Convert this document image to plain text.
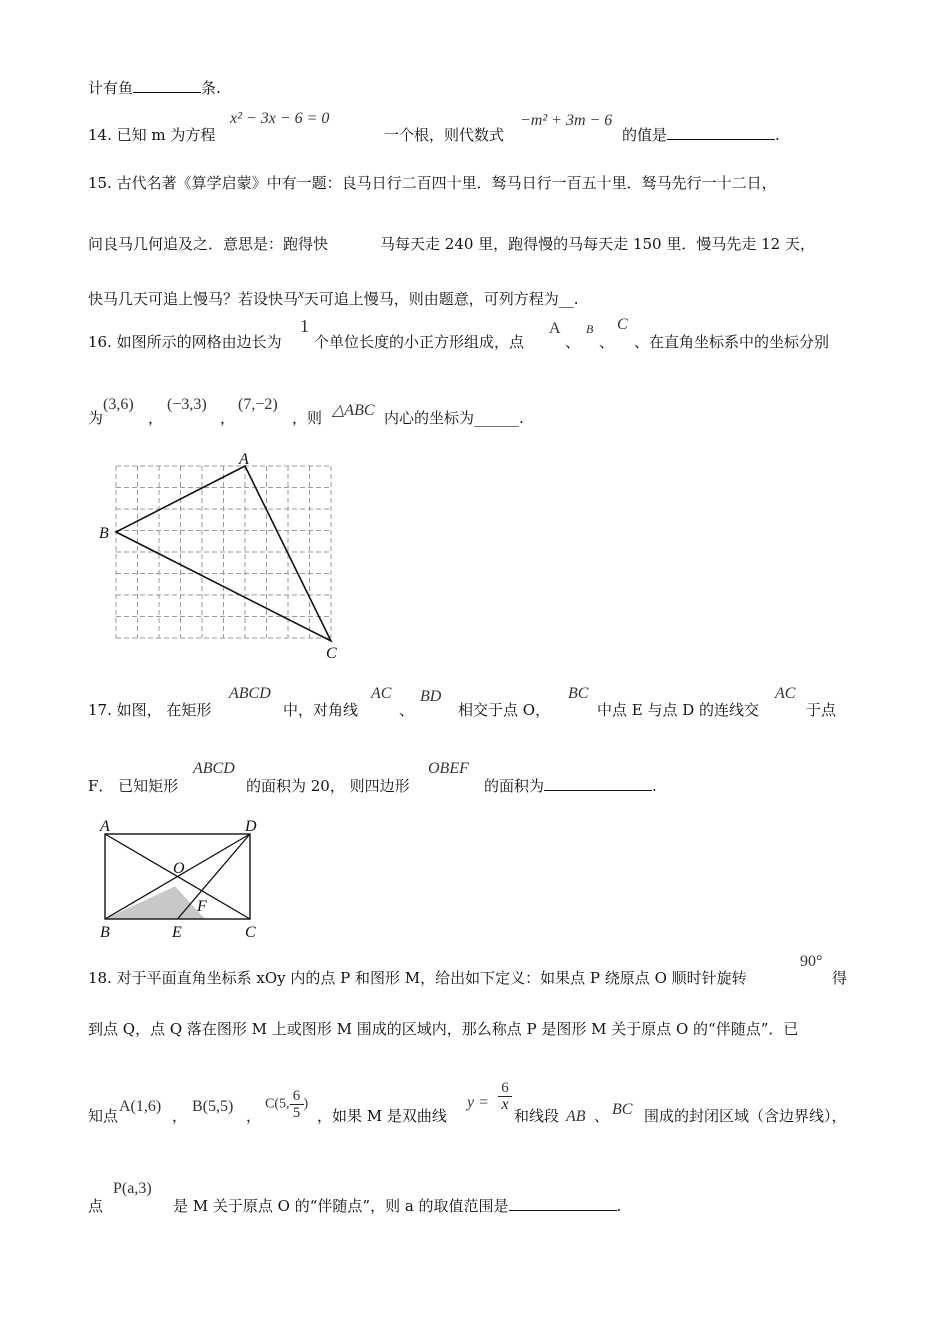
计有鱼	条.
14. 已知 m 为方程
x² − 3x − 6 = 0
一个根，则代数式
−m² + 3m − 6
的值是	.
15. 古代名著《算学启蒙》中有一题：良马日行二百四十里．驽马日行一百五十里．驽马先行一十二日，
问良马几何追及之．意思是：跑得快	马每天走 240 里，跑得慢的马每天走 150 里．慢马先走 12 天，
快马几天可追上慢马？若设快马$^x$天可追上慢马，则由题意，可列方程为__.
16. 如图所示的网格由边长为
1
个单位长度的小正方形组成，点
A
、
B
、
C
、在直角坐标系中的坐标分别
为
(3,6)
，
(−3,3)
，
(7,−2)
，则 △ABC 内心的坐标为______.
A
B
C
17. 如图， 在矩形
ABCD
中，对角线
AC
、
BD
相交于点 O，
BC
中点 E 与点 D 的连线交
AC
于点
F． 已知矩形
ABCD
的面积为 20， 则四边形
OBEF
的面积为	.
A	D
O
F
B	E	C
18. 对于平面直角坐标系 xOy 内的点 P 和图形 M，给出如下定义：如果点 P 绕原点 O 顺时针旋转
90°
得
到点 Q，点 Q 落在图形 M 上或图形 M 围成的区域内，那么称点 P 是图形 M 关于原点 O 的“伴随点”．已
知点
A(1,6)
，
B(5,5)
，
C(5, $\frac{6}{5}$ )
，如果 M 是双曲线
$y = \frac{6}{x}$
和线段 AB 、 BC 围成的封闭区域（含边界线），
点
P(a,3)
是 M 关于原点 O 的“伴随点”，则 a 的取值范围是	.
